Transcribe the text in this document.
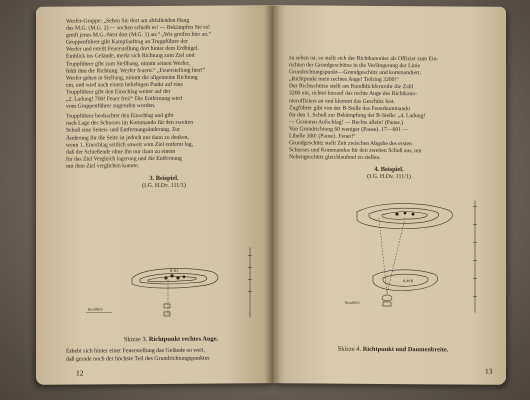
Werfer-Gruppe: „Sehen Sie dort am abfallenden Hang
das M.G. (M.G. 2) — sochen schießt es! — Bekämpfen Sie es!
greift jenes M.G.-Nest dort (M.G. 1) an.“ „Wir greifen hier an.“
Gruppenführer gibt Kampfauftrag an Truppführer der
Werfer und erteilt Feuerstellung dort hinter dem Erdhügel.
Einblick ins Gelände, merkt sich Richtung zum Ziel und
Truppführer gibt zum Stellhang, nimmt seinen Werfer,
fehlt ihm die Richtung. Werfer feuern.“ „Feuerstellung hier!“
Werfer gehen in Stellung, nimmt die allgemeine Richtung
ein, und wird nach einem beliebigen Punkt auf eine
Truppführer gibt den Einschlag weiter auf der
„2. Ladung! 700! Feuer frei!“ Die Entfernung wird
vom Gruppenführer zugerufen worden.
Truppführer beobachtet den Einschlag und gibt
nach Lage des Schusses im Kommando für den zweiten
Schuß eine Seiten- und Entfernungsänderung. Zur
Änderung für die Seite ist jedoch nur dann zu denken,
wenn 1. Einschlag seitlich soweit vom Ziel entfernt lag,
daß der Schießende ohne ihn nur dann zu einem
für das Ziel Vergleich lagerung und die Entfernung
mit dem Ziel verglichen konnte.
3. Beispiel.
(I.G. H.Dv. 111/1)
B.S.I
Rundblick
Skizze 3. Richtpunkt rechtes Auge.
Erhebt sich hinter einer Feuerstellung das Gelände so weit,
daß gerade noch der höchste Teil des Grundrichtungspunktes
12
zu sehen ist, so stellt sich der Richtkanonier als Offizier zum Ein-
richten der Grundgeschütze in die Verlängerung der Linie
Grundrichtungspunkt—Grundgeschütz und kommandiert:
„Richtpunkt mein rechtes Auge! Teilring 3200!“
Der Richtschütze stellt am Rundblickfernrohr die Zahl
3200 ein, richtet hierauf das rechte Auge des Richtkano-
nieroffiziers an und klemmt das Geschütz fest.
Zugführer gibt von der B-Stelle das Feuerkommando
für den 1. Schuß zur Bekämpfung der B-Stelle: „4. Ladung!
— Granaten Aufschlag! — Rechts allein! (Pause.)
Von Grundrichtung 60 weniger (Pause). 17—001 —
Libelle 300! (Pause). Feuer!“
Grundgeschütz stellt Zeit zwischen Abgabe des ersten
Schusses und Kommandos für den zweiten Schuß aus, um
Nebengeschütz gleichlaufend zu stellen.
4. Beispiel.
(I.G. H.Dv. 111/1)
A.H.K
Rundblick
Skizze 4. Richtpunkt und Daumenbreite.
13
